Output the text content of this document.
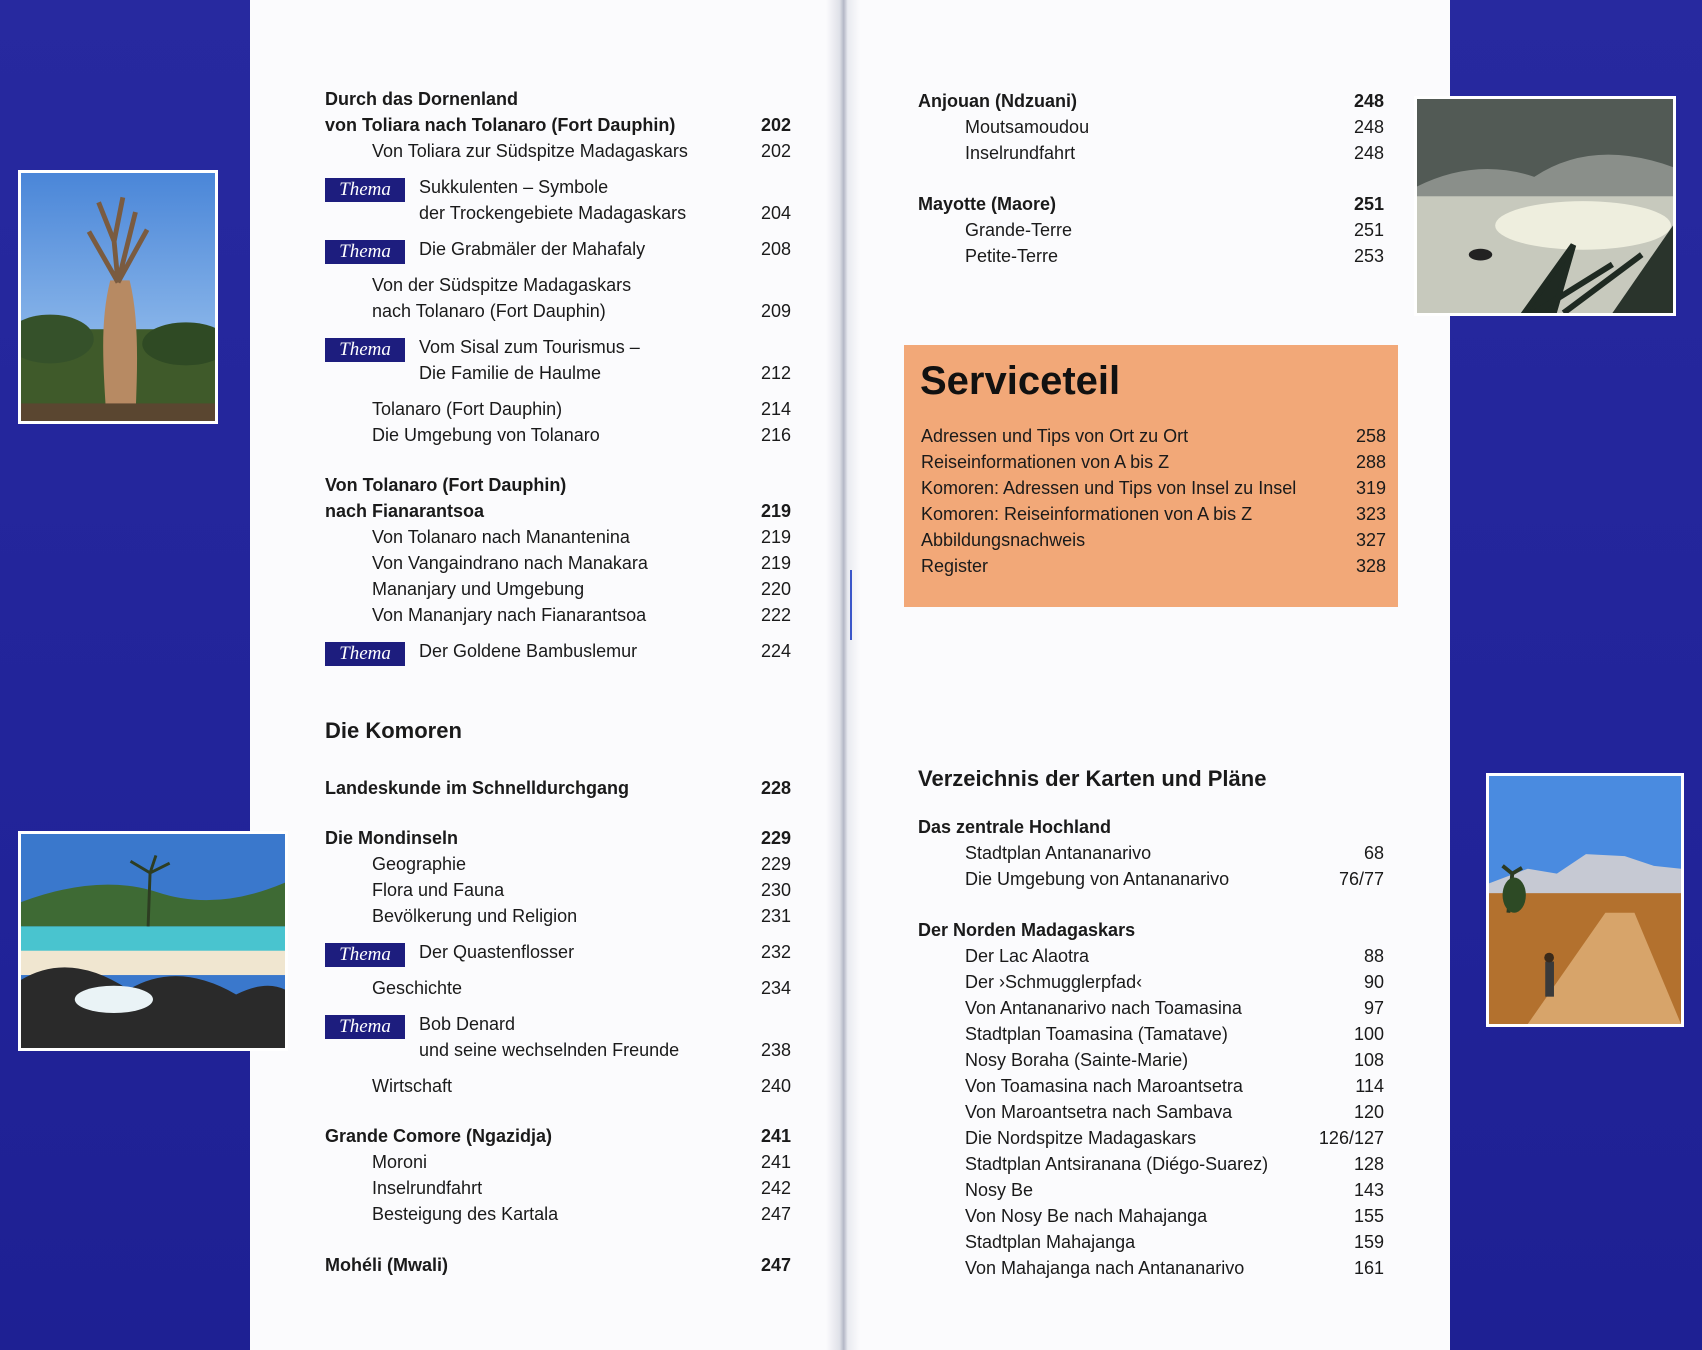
Durch das Dornenland
von Toliara nach Tolanaro (Fort Dauphin)	202
Von Toliara zur Südspitze Madagaskars	202
Thema	Sukkulenten – Symbole
der Trockengebiete Madagaskars	204
Thema	Die Grabmäler der Mahafaly	208
Von der Südspitze Madagaskars
nach Tolanaro (Fort Dauphin)	209
Thema	Vom Sisal zum Tourismus –
Die Familie de Haulme	212
Tolanaro (Fort Dauphin)	214
Die Umgebung von Tolanaro	216
Von Tolanaro (Fort Dauphin)
nach Fianarantsoa	219
Von Tolanaro nach Manantenina	219
Von Vangaindrano nach Manakara	219
Mananjary und Umgebung	220
Von Mananjary nach Fianarantsoa	222
Thema	Der Goldene Bambuslemur	224
Die Komoren
Landeskunde im Schnelldurchgang	228
Die Mondinseln	229
Geographie	229
Flora und Fauna	230
Bevölkerung und Religion	231
Thema	Der Quastenflosser	232
Geschichte	234
Thema	Bob Denard
und seine wechselnden Freunde	238
Wirtschaft	240
Grande Comore (Ngazidja)	241
Moroni	241
Inselrundfahrt	242
Besteigung des Kartala	247
Mohéli (Mwali)	247
Anjouan (Ndzuani)	248
Moutsamoudou	248
Inselrundfahrt	248
Mayotte (Maore)	251
Grande-Terre	251
Petite-Terre	253
Serviceteil
Adressen und Tips von Ort zu Ort	258
Reiseinformationen von A bis Z	288
Komoren: Adressen und Tips von Insel zu Insel	319
Komoren: Reiseinformationen von A bis Z	323
Abbildungsnachweis	327
Register	328
Verzeichnis der Karten und Pläne
Das zentrale Hochland
Stadtplan Antananarivo	68
Die Umgebung von Antananarivo	76/77
Der Norden Madagaskars
Der Lac Alaotra	88
Der ›Schmugglerpfad‹	90
Von Antananarivo nach Toamasina	97
Stadtplan Toamasina (Tamatave)	100
Nosy Boraha (Sainte-Marie)	108
Von Toamasina nach Maroantsetra	114
Von Maroantsetra nach Sambava	120
Die Nordspitze Madagaskars	126/127
Stadtplan Antsiranana (Diégo-Suarez)	128
Nosy Be	143
Von Nosy Be nach Mahajanga	155
Stadtplan Mahajanga	159
Von Mahajanga nach Antananarivo	161
